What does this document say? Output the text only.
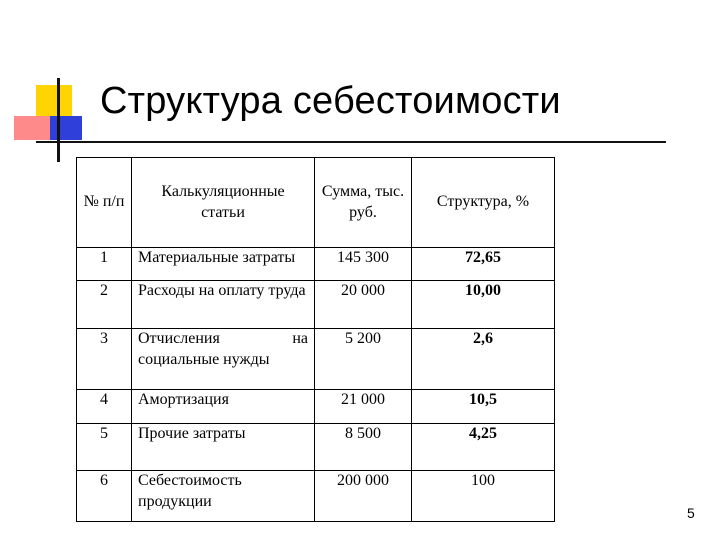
Структура себестоимости
№ п/п	Калькуляционные статьи	Сумма, тыс. руб.	Структура, %
1	Материальные затраты	145 300	72,65
2	Расходы на оплату труда	20 000	10,00
3	Отчисления на социальные нужды	5 200	2,6
4	Амортизация	21 000	10,5
5	Прочие затраты	8 500	4,25
6	Себестоимость продукции	200 000	100
5
